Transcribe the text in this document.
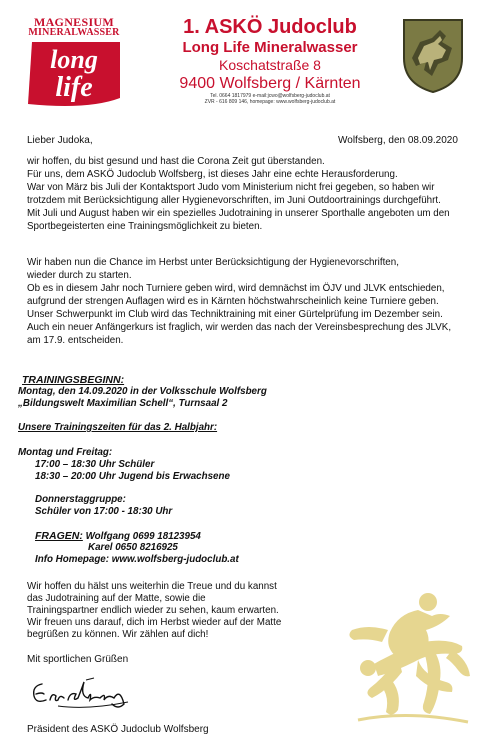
MAGNESIUM
MINERALWASSER
long
life
1. ASKÖ Judoclub
Long Life Mineralwasser
Koschatstraße 8
9400 Wolfsberg / Kärnten
Tel. 0664 1817979 e-mail:jcwo@wolfsberg-judoclub.at
ZVR - 616 809 146, homepage: www.wolfsberg-judoclub.at
Lieber Judoka,	Wolfsberg, den 08.09.2020
wir hoffen, du bist gesund und hast die Corona Zeit gut überstanden.
Für uns, dem ASKÖ Judoclub Wolfsberg, ist dieses Jahr eine echte Herausforderung.
War von März bis Juli der Kontaktsport Judo vom Ministerium nicht frei gegeben, so haben wir
trotzdem mit Berücksichtigung aller Hygienevorschriften, im Juni Outdoortrainings durchgeführt.
Mit Juli und August haben wir ein spezielles Judotraining in unserer Sporthalle angeboten um den
Sportbegeisterten eine Trainingsmöglichkeit zu bieten.
Wir haben nun die Chance im Herbst unter Berücksichtigung der Hygienevorschriften,
wieder durch zu starten.
Ob es in diesem Jahr noch Turniere geben wird, wird demnächst im ÖJV und JLVK entschieden,
aufgrund der strengen Auflagen wird es in Kärnten höchstwahrscheinlich keine Turniere geben.
Unser Schwerpunkt im Club wird das Techniktraining mit einer Gürtelprüfung im Dezember sein.
Auch ein neuer Anfängerkurs ist fraglich, wir werden das nach der Vereinsbesprechung des JLVK,
am 17.9. entscheiden.
TRAININGSBEGINN:
Montag, den 14.09.2020 in der Volksschule Wolfsberg
„Bildungswelt Maximilian Schell“, Turnsaal 2
Unsere Trainingszeiten für das 2. Halbjahr:
Montag und Freitag:
17:00 – 18:30 Uhr Schüler
18:30 – 20:00 Uhr Jugend bis Erwachsene
Donnerstaggruppe:
Schüler von 17:00 - 18:30 Uhr
FRAGEN: Wolfgang 0699 18123954
Karel 0650 8216925
Info Homepage: www.wolfsberg-judoclub.at
Wir hoffen du hälst uns weiterhin die Treue und du kannst
das Judotraining auf der Matte, sowie die
Trainingspartner endlich wieder zu sehen, kaum erwarten.
Wir freuen uns darauf, dich im Herbst wieder auf der Matte
begrüßen zu können. Wir zählen auf dich!
Mit sportlichen Grüßen
Präsident des ASKÖ Judoclub Wolfsberg
